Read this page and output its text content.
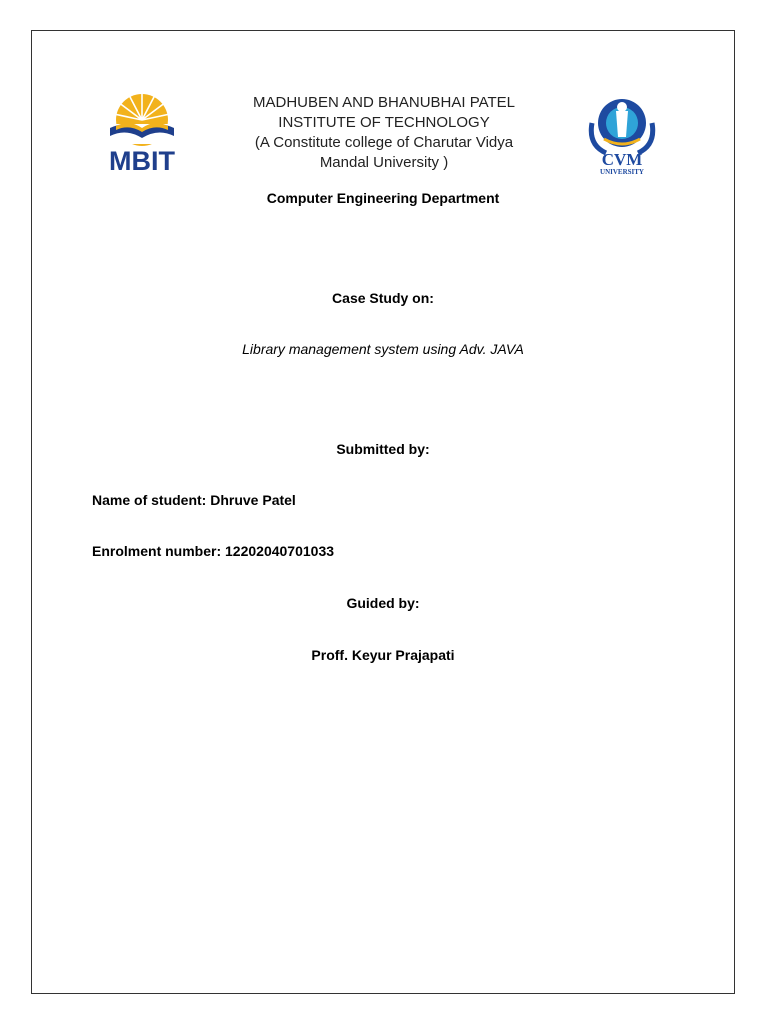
MBIT
MADHUBEN AND BHANUBHAI PATEL
INSTITUTE OF TECHNOLOGY
(A Constitute college of Charutar Vidya
Mandal University )	CVM
UNIVERSITY
Computer Engineering Department
Case Study on:
Library management system using Adv. JAVA
Submitted by:
Name of student: Dhruve Patel
Enrolment number: 12202040701033
Guided by:
Proff. Keyur Prajapati
